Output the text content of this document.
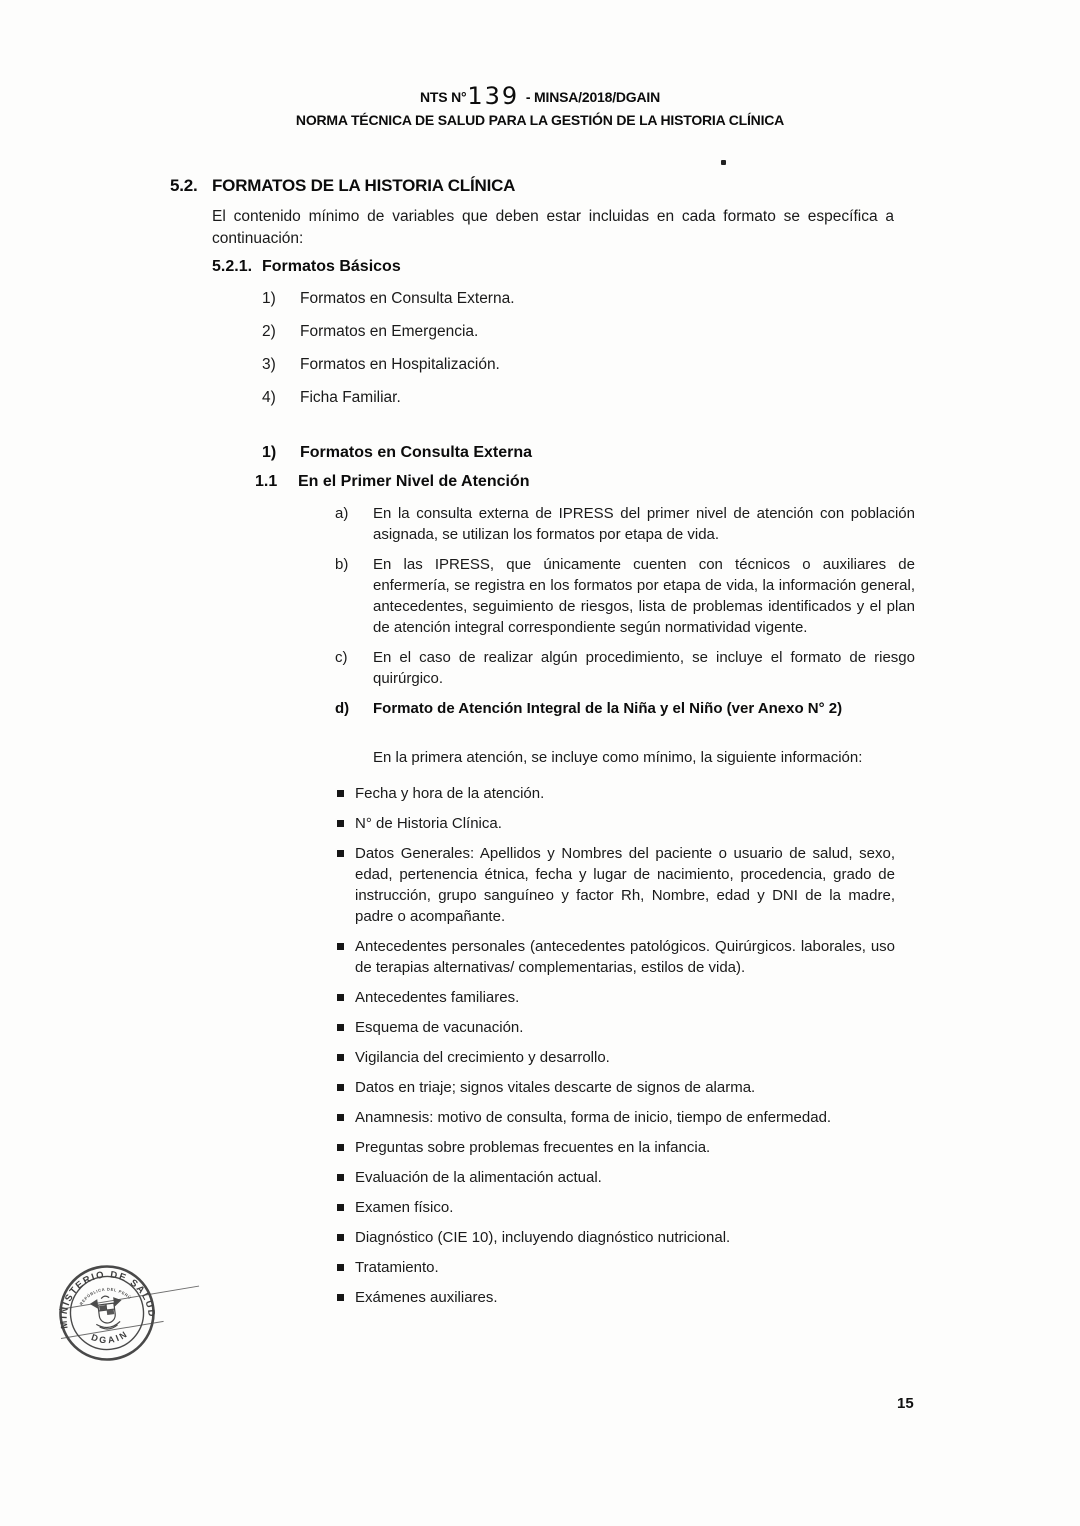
NTS N°139 - MINSA/2018/DGAIN
NORMA TÉCNICA DE SALUD PARA LA GESTIÓN DE LA HISTORIA CLÍNICA
5.2. FORMATOS DE LA HISTORIA CLÍNICA

El contenido mínimo de variables que deben estar incluidas en cada formato se específica a continuación:

5.2.1. Formatos Básicos
1)	Formatos en Consulta Externa.
2)	Formatos en Emergencia.
3)	Formatos en Hospitalización.
4)	Ficha Familiar.
1)	Formatos en Consulta Externa
1.1	En el Primer Nivel de Atención
a)	En la consulta externa de IPRESS del primer nivel de atención con población asignada, se utilizan los formatos por etapa de vida.
b)	En las IPRESS, que únicamente cuenten con técnicos o auxiliares de enfermería, se registra en los formatos por etapa de vida, la información general, antecedentes, seguimiento de riesgos, lista de problemas identificados y el plan de atención integral correspondiente según normatividad vigente.
c)	En el caso de realizar algún procedimiento, se incluye el formato de riesgo quirúrgico.
d)	Formato de Atención Integral de la Niña y el Niño (ver Anexo N° 2)

En la primera atención, se incluye como mínimo, la siguiente información:

Fecha y hora de la atención.
N° de Historia Clínica.
Datos Generales: Apellidos y Nombres del paciente o usuario de salud, sexo, edad, pertenencia étnica, fecha y lugar de nacimiento, procedencia, grado de instrucción, grupo sanguíneo y factor Rh, Nombre, edad y DNI de la madre, padre o acompañante.
Antecedentes personales (antecedentes patológicos. Quirúrgicos. laborales, uso de terapias alternativas/ complementarias, estilos de vida).
Antecedentes familiares.
Esquema de vacunación.
Vigilancia del crecimiento y desarrollo.
Datos en triaje; signos vitales descarte de signos de alarma.
Anamnesis: motivo de consulta, forma de inicio, tiempo de enfermedad.
Preguntas sobre problemas frecuentes en la infancia.
Evaluación de la alimentación actual.
Examen físico.
Diagnóstico (CIE 10), incluyendo diagnóstico nutricional.
Tratamiento.
Exámenes auxiliares.
MINISTERIO DE SALUD
REPÚBLICA DEL PERÚ
DGAIN
15
